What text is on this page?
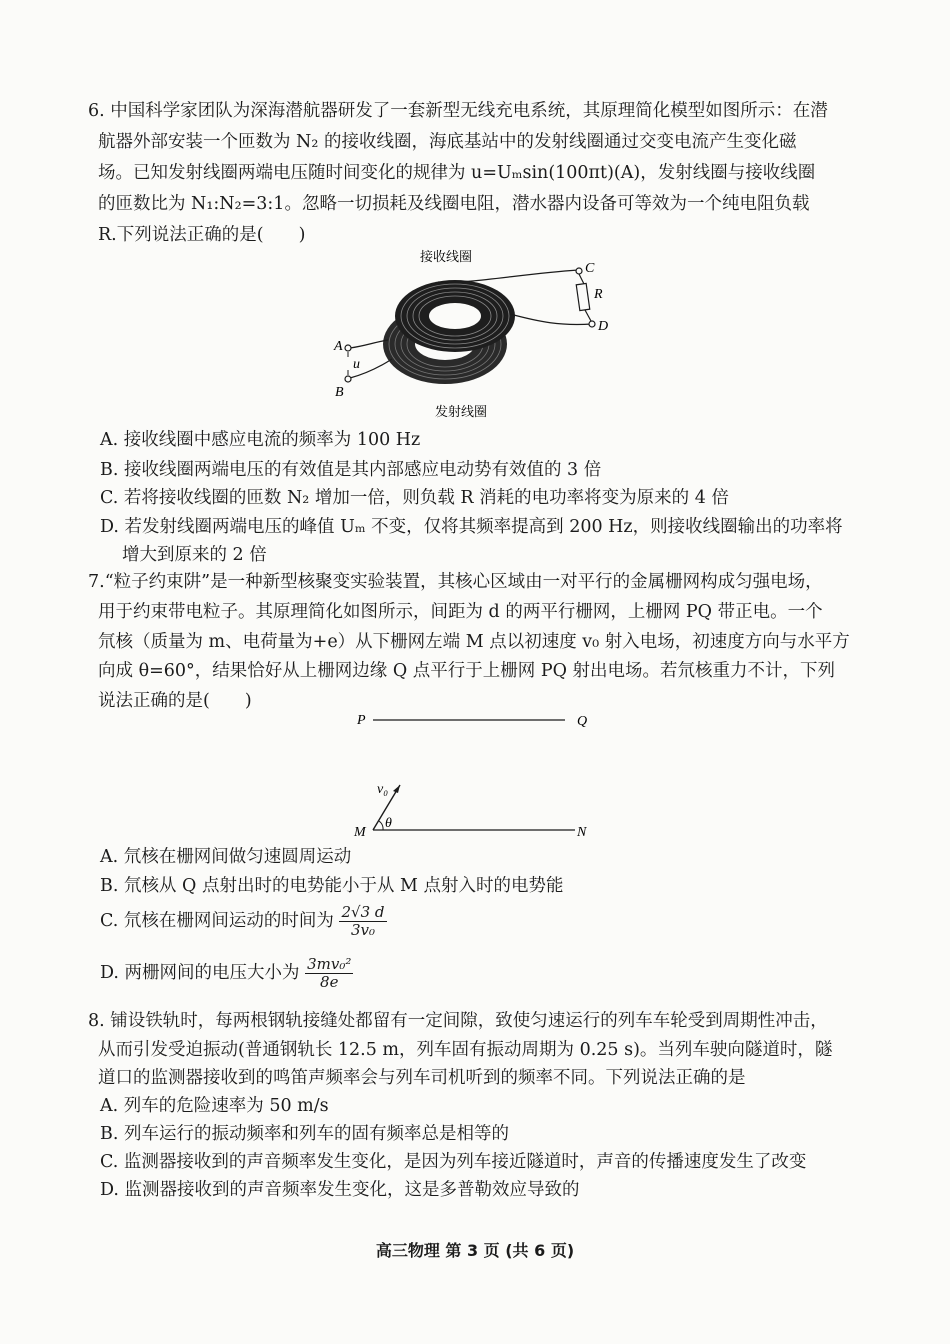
6. 中国科学家团队为深海潜航器研发了一套新型无线充电系统，其原理简化模型如图所示：在潜
航器外部安装一个匝数为 N₂ 的接收线圈，海底基站中的发射线圈通过交变电流产生变化磁
场。已知发射线圈两端电压随时间变化的规律为 u=Uₘsin(100πt)(A)，发射线圈与接收线圈
的匝数比为 N₁:N₂=3:1。忽略一切损耗及线圈电阻，潜水器内设备可等效为一个纯电阻负载
R.下列说法正确的是(　　)
接收线圈
发射线圈
C
R
D
A
u
B
A. 接收线圈中感应电流的频率为 100 Hz
B. 接收线圈两端电压的有效值是其内部感应电动势有效值的 3 倍
C. 若将接收线圈的匝数 N₂ 增加一倍，则负载 R 消耗的电功率将变为原来的 4 倍
D. 若发射线圈两端电压的峰值 Uₘ 不变，仅将其频率提高到 200 Hz，则接收线圈输出的功率将
增大到原来的 2 倍
7.“粒子约束阱”是一种新型核聚变实验装置，其核心区域由一对平行的金属栅网构成匀强电场，
用于约束带电粒子。其原理简化如图所示，间距为 d 的两平行栅网，上栅网 PQ 带正电。一个
氘核（质量为 m、电荷量为+e）从下栅网左端 M 点以初速度 v₀ 射入电场，初速度方向与水平方
向成 θ=60°，结果恰好从上栅网边缘 Q 点平行于上栅网 PQ 射出电场。若氘核重力不计，下列
说法正确的是(　　)
P	Q
M	N
v₀
θ
A. 氘核在栅网间做匀速圆周运动
B. 氘核从 Q 点射出时的电势能小于从 M 点射入时的电势能
C. 氘核在栅网间运动的时间为 $\frac{2√3 d}{\text{3v₀}}$
D. 两栅网间的电压大小为 $\frac{\text{3mv₀²}}{8e}$
8. 铺设铁轨时，每两根钢轨接缝处都留有一定间隙，致使匀速运行的列车车轮受到周期性冲击，
从而引发受迫振动(普通钢轨长 12.5 m，列车固有振动周期为 0.25 s)。当列车驶向隧道时，隧
道口的监测器接收到的鸣笛声频率会与列车司机听到的频率不同。下列说法正确的是
A. 列车的危险速率为 50 m/s
B. 列车运行的振动频率和列车的固有频率总是相等的
C. 监测器接收到的声音频率发生变化，是因为列车接近隧道时，声音的传播速度发生了改变
D. 监测器接收到的声音频率发生变化，这是多普勒效应导致的
高三物理 第 3 页 (共 6 页)
